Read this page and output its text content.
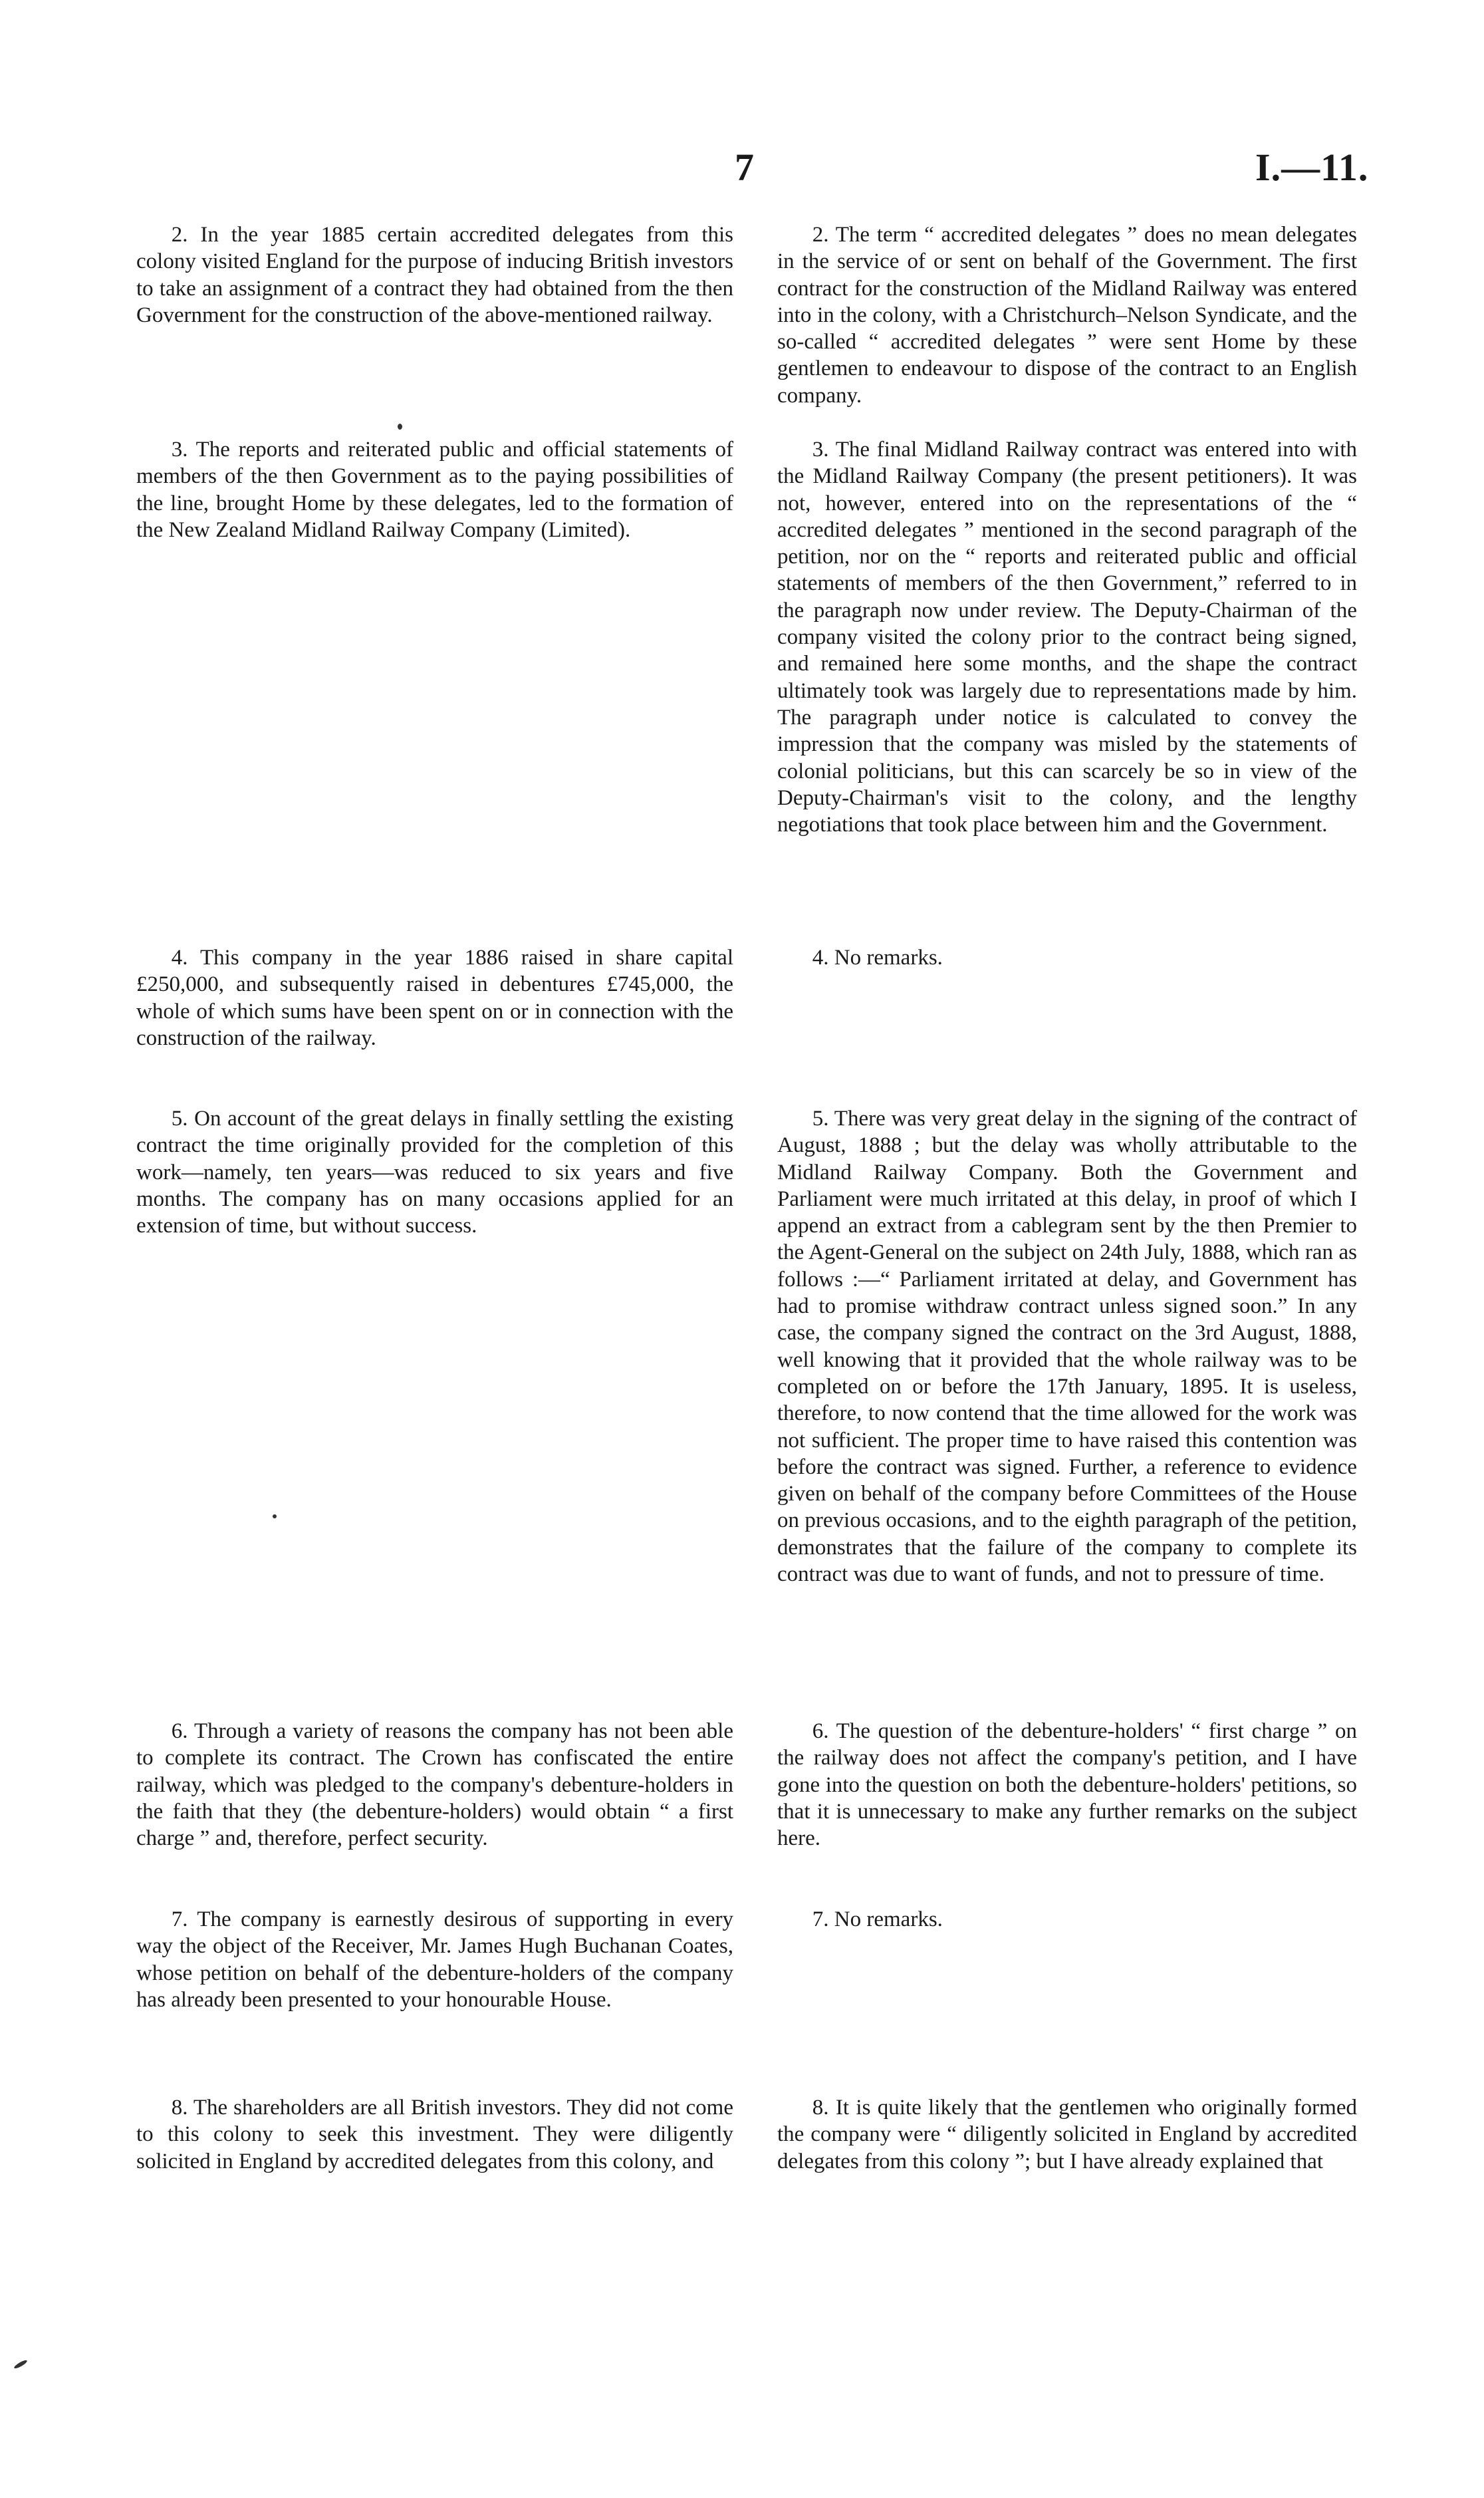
7	I.—11.

2. In the year 1885 certain accredited delegates from this colony visited England for the purpose of inducing British investors to take an assignment of a contract they had obtained from the then Government for the construction of the above-mentioned railway.

3. The reports and reiterated public and official statements of members of the then Government as to the paying possibilities of the line, brought Home by these delegates, led to the formation of the New Zealand Midland Railway Company (Limited).

4. This company in the year 1886 raised in share capital £250,000, and subsequently raised in debentures £745,000, the whole of which sums have been spent on or in connection with the construction of the railway.

5. On account of the great delays in finally settling the existing contract the time originally provided for the completion of this work—namely, ten years—was reduced to six years and five months. The company has on many occasions applied for an extension of time, but without success.

6. Through a variety of reasons the company has not been able to complete its contract. The Crown has confiscated the entire railway, which was pledged to the company's debenture-holders in the faith that they (the debenture-holders) would obtain “ a first charge ” and, therefore, perfect security.

7. The company is earnestly desirous of supporting in every way the object of the Receiver, Mr. James Hugh Buchanan Coates, whose petition on behalf of the debenture-holders of the company has already been presented to your honourable House.

8. The shareholders are all British investors. They did not come to this colony to seek this investment. They were diligently solicited in England by accredited delegates from this colony, and

2. The term “ accredited delegates ” does no mean delegates in the service of or sent on behalf of the Government. The first contract for the construction of the Midland Railway was entered into in the colony, with a Christchurch–Nelson Syndicate, and the so-called “ accredited delegates ” were sent Home by these gentlemen to endeavour to dispose of the contract to an English company.

3. The final Midland Railway contract was entered into with the Midland Railway Company (the present petitioners). It was not, however, entered into on the representations of the “ accredited delegates ” mentioned in the second paragraph of the petition, nor on the “ reports and reiterated public and official statements of members of the then Government,” referred to in the paragraph now under review. The Deputy-Chairman of the company visited the colony prior to the contract being signed, and remained here some months, and the shape the contract ultimately took was largely due to representations made by him. The paragraph under notice is calculated to convey the impression that the company was misled by the statements of colonial politicians, but this can scarcely be so in view of the Deputy-Chairman's visit to the colony, and the lengthy negotiations that took place between him and the Government.

4. No remarks.

5. There was very great delay in the signing of the contract of August, 1888 ; but the delay was wholly attributable to the Midland Railway Company. Both the Government and Parliament were much irritated at this delay, in proof of which I append an extract from a cablegram sent by the then Premier to the Agent-General on the subject on 24th July, 1888, which ran as follows :—“ Parliament irritated at delay, and Government has had to promise withdraw contract unless signed soon.” In any case, the company signed the contract on the 3rd August, 1888, well knowing that it provided that the whole railway was to be completed on or before the 17th January, 1895. It is useless, therefore, to now contend that the time allowed for the work was not sufficient. The proper time to have raised this contention was before the contract was signed. Further, a reference to evidence given on behalf of the company before Committees of the House on previous occasions, and to the eighth paragraph of the petition, demonstrates that the failure of the company to complete its contract was due to want of funds, and not to pressure of time.

6. The question of the debenture-holders' “ first charge ” on the railway does not affect the company's petition, and I have gone into the question on both the debenture-holders' petitions, so that it is unnecessary to make any further remarks on the subject here.

7. No remarks.

8. It is quite likely that the gentlemen who originally formed the company were “ diligently solicited in England by accredited delegates from this colony ”; but I have already explained that
